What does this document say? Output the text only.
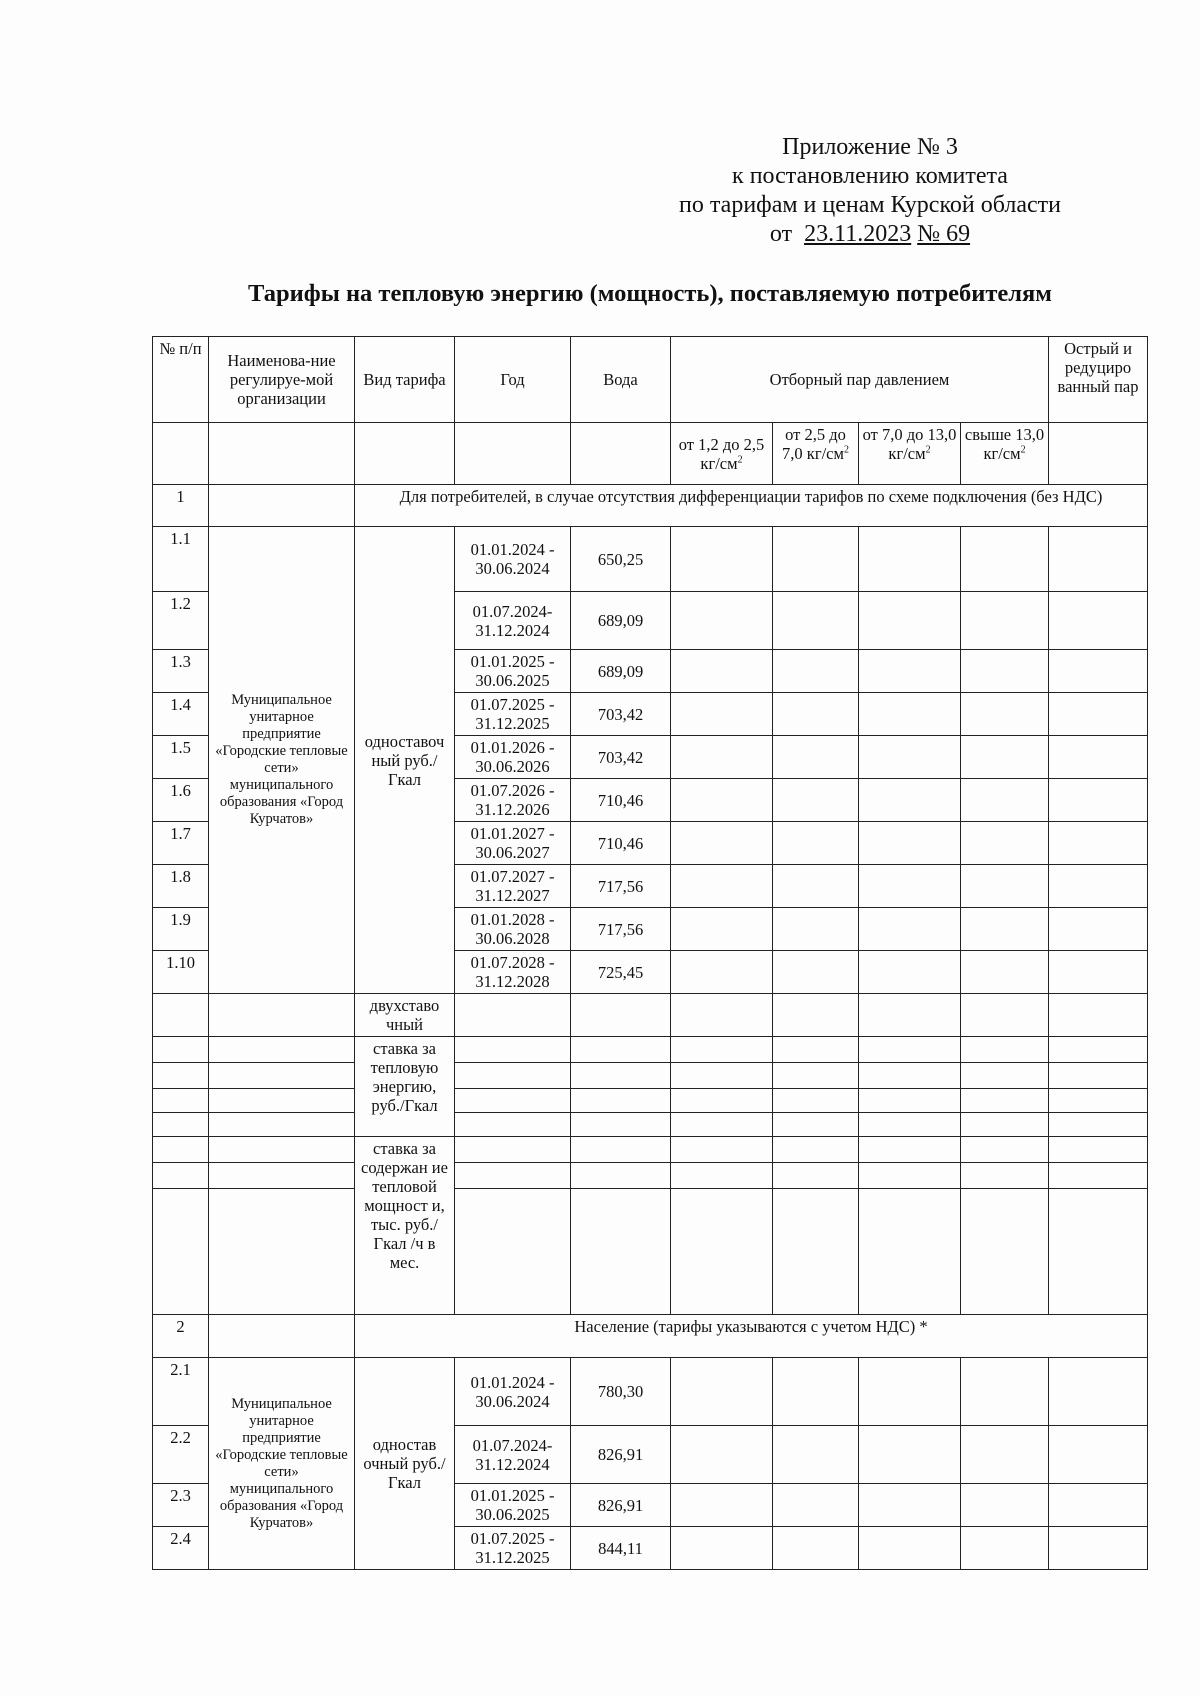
Приложение № 3
к постановлению комитета
по тарифам и ценам Курской области
от 23.11.2023 № 69
Тарифы на тепловую энергию (мощность), поставляемую потребителям
№ п/п	Наименова-ние регулируе-мой организации	Вид тарифа	Год	Вода	Отборный пар давлением				Острый и редуциро ванный пар
					от 1,2 до 2,5 $кг/см^2$	от 2,5 до 7,0 $кг/см^2$	от 7,0 до 13,0 $кг/см^2$	свыше 13,0 $кг/см^2$	
1		Для потребителей, в случае отсутствия дифференциации тарифов по схеме подключения (без НДС)							
1.1	Муниципальное унитарное предприятие «Городские тепловые сети» муниципального образования «Город Курчатов»	одноставоч ный руб./Гкал	01.01.2024 - 30.06.2024	650,25					
1.2			01.07.2024- 31.12.2024	689,09					
1.3			01.01.2025 - 30.06.2025	689,09					
1.4			01.07.2025 - 31.12.2025	703,42					
1.5			01.01.2026 - 30.06.2026	703,42					
1.6			01.07.2026 - 31.12.2026	710,46					
1.7			01.01.2027 - 30.06.2027	710,46					
1.8			01.07.2027 - 31.12.2027	717,56					
1.9			01.01.2028 - 30.06.2028	717,56					
1.10			01.07.2028 - 31.12.2028	725,45					
		двухставо чный							
		ставка за тепловую энергию, руб./Гкал							

		ставка за содержан ие тепловой мощност и, тыс. руб./Гкал /ч в мес.							

2		Население (тарифы указываются с учетом НДС) *							
2.1	Муниципальное унитарное предприятие «Городские тепловые сети» муниципального образования «Город Курчатов»	одностав очный руб./Гкал	01.01.2024 - 30.06.2024	780,30					
2.2			01.07.2024- 31.12.2024	826,91					
2.3			01.01.2025 - 30.06.2025	826,91					
2.4			01.07.2025 - 31.12.2025	844,11					
